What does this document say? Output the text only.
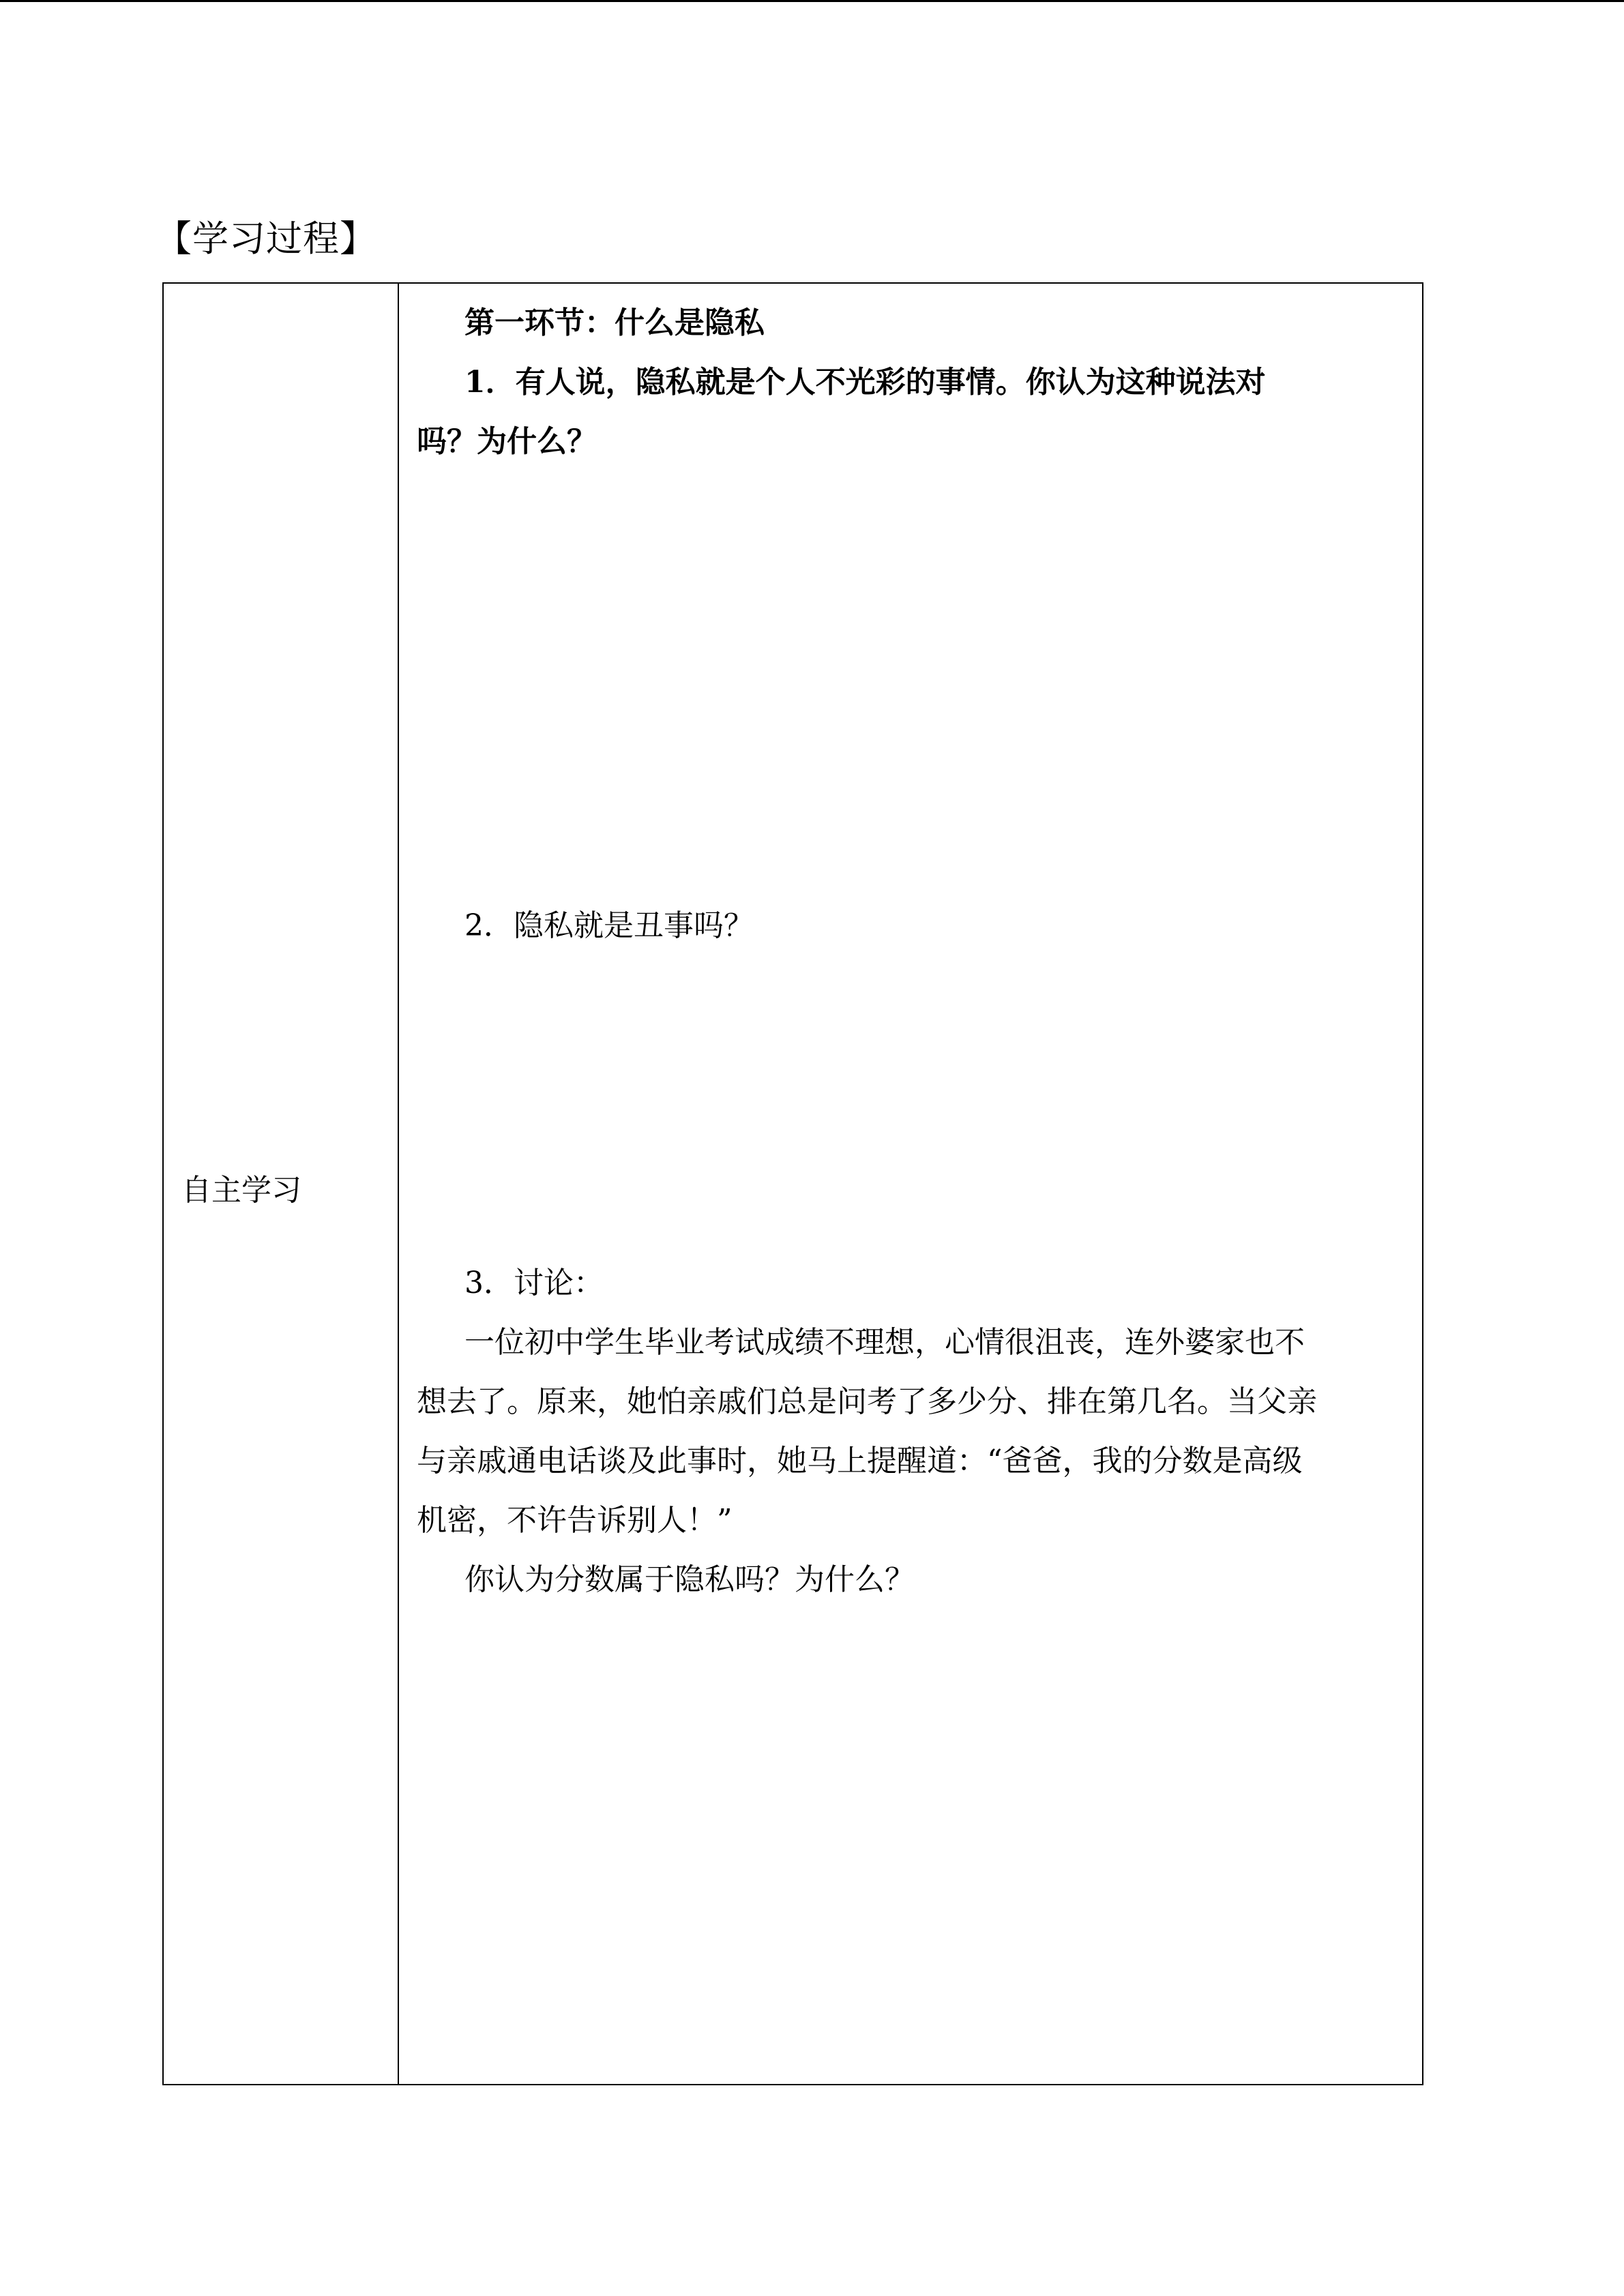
【学习过程】
自主学习
第一环节：什么是隐私
1．有人说，隐私就是个人不光彩的事情。你认为这种说法对
吗？为什么？
2．隐私就是丑事吗？
3．讨论：
一位初中学生毕业考试成绩不理想，心情很沮丧，连外婆家也不
想去了。原来，她怕亲戚们总是问考了多少分、排在第几名。当父亲
与亲戚通电话谈及此事时，她马上提醒道：“爸爸，我的分数是高级
机密，不许告诉别人！”
你认为分数属于隐私吗？为什么？
